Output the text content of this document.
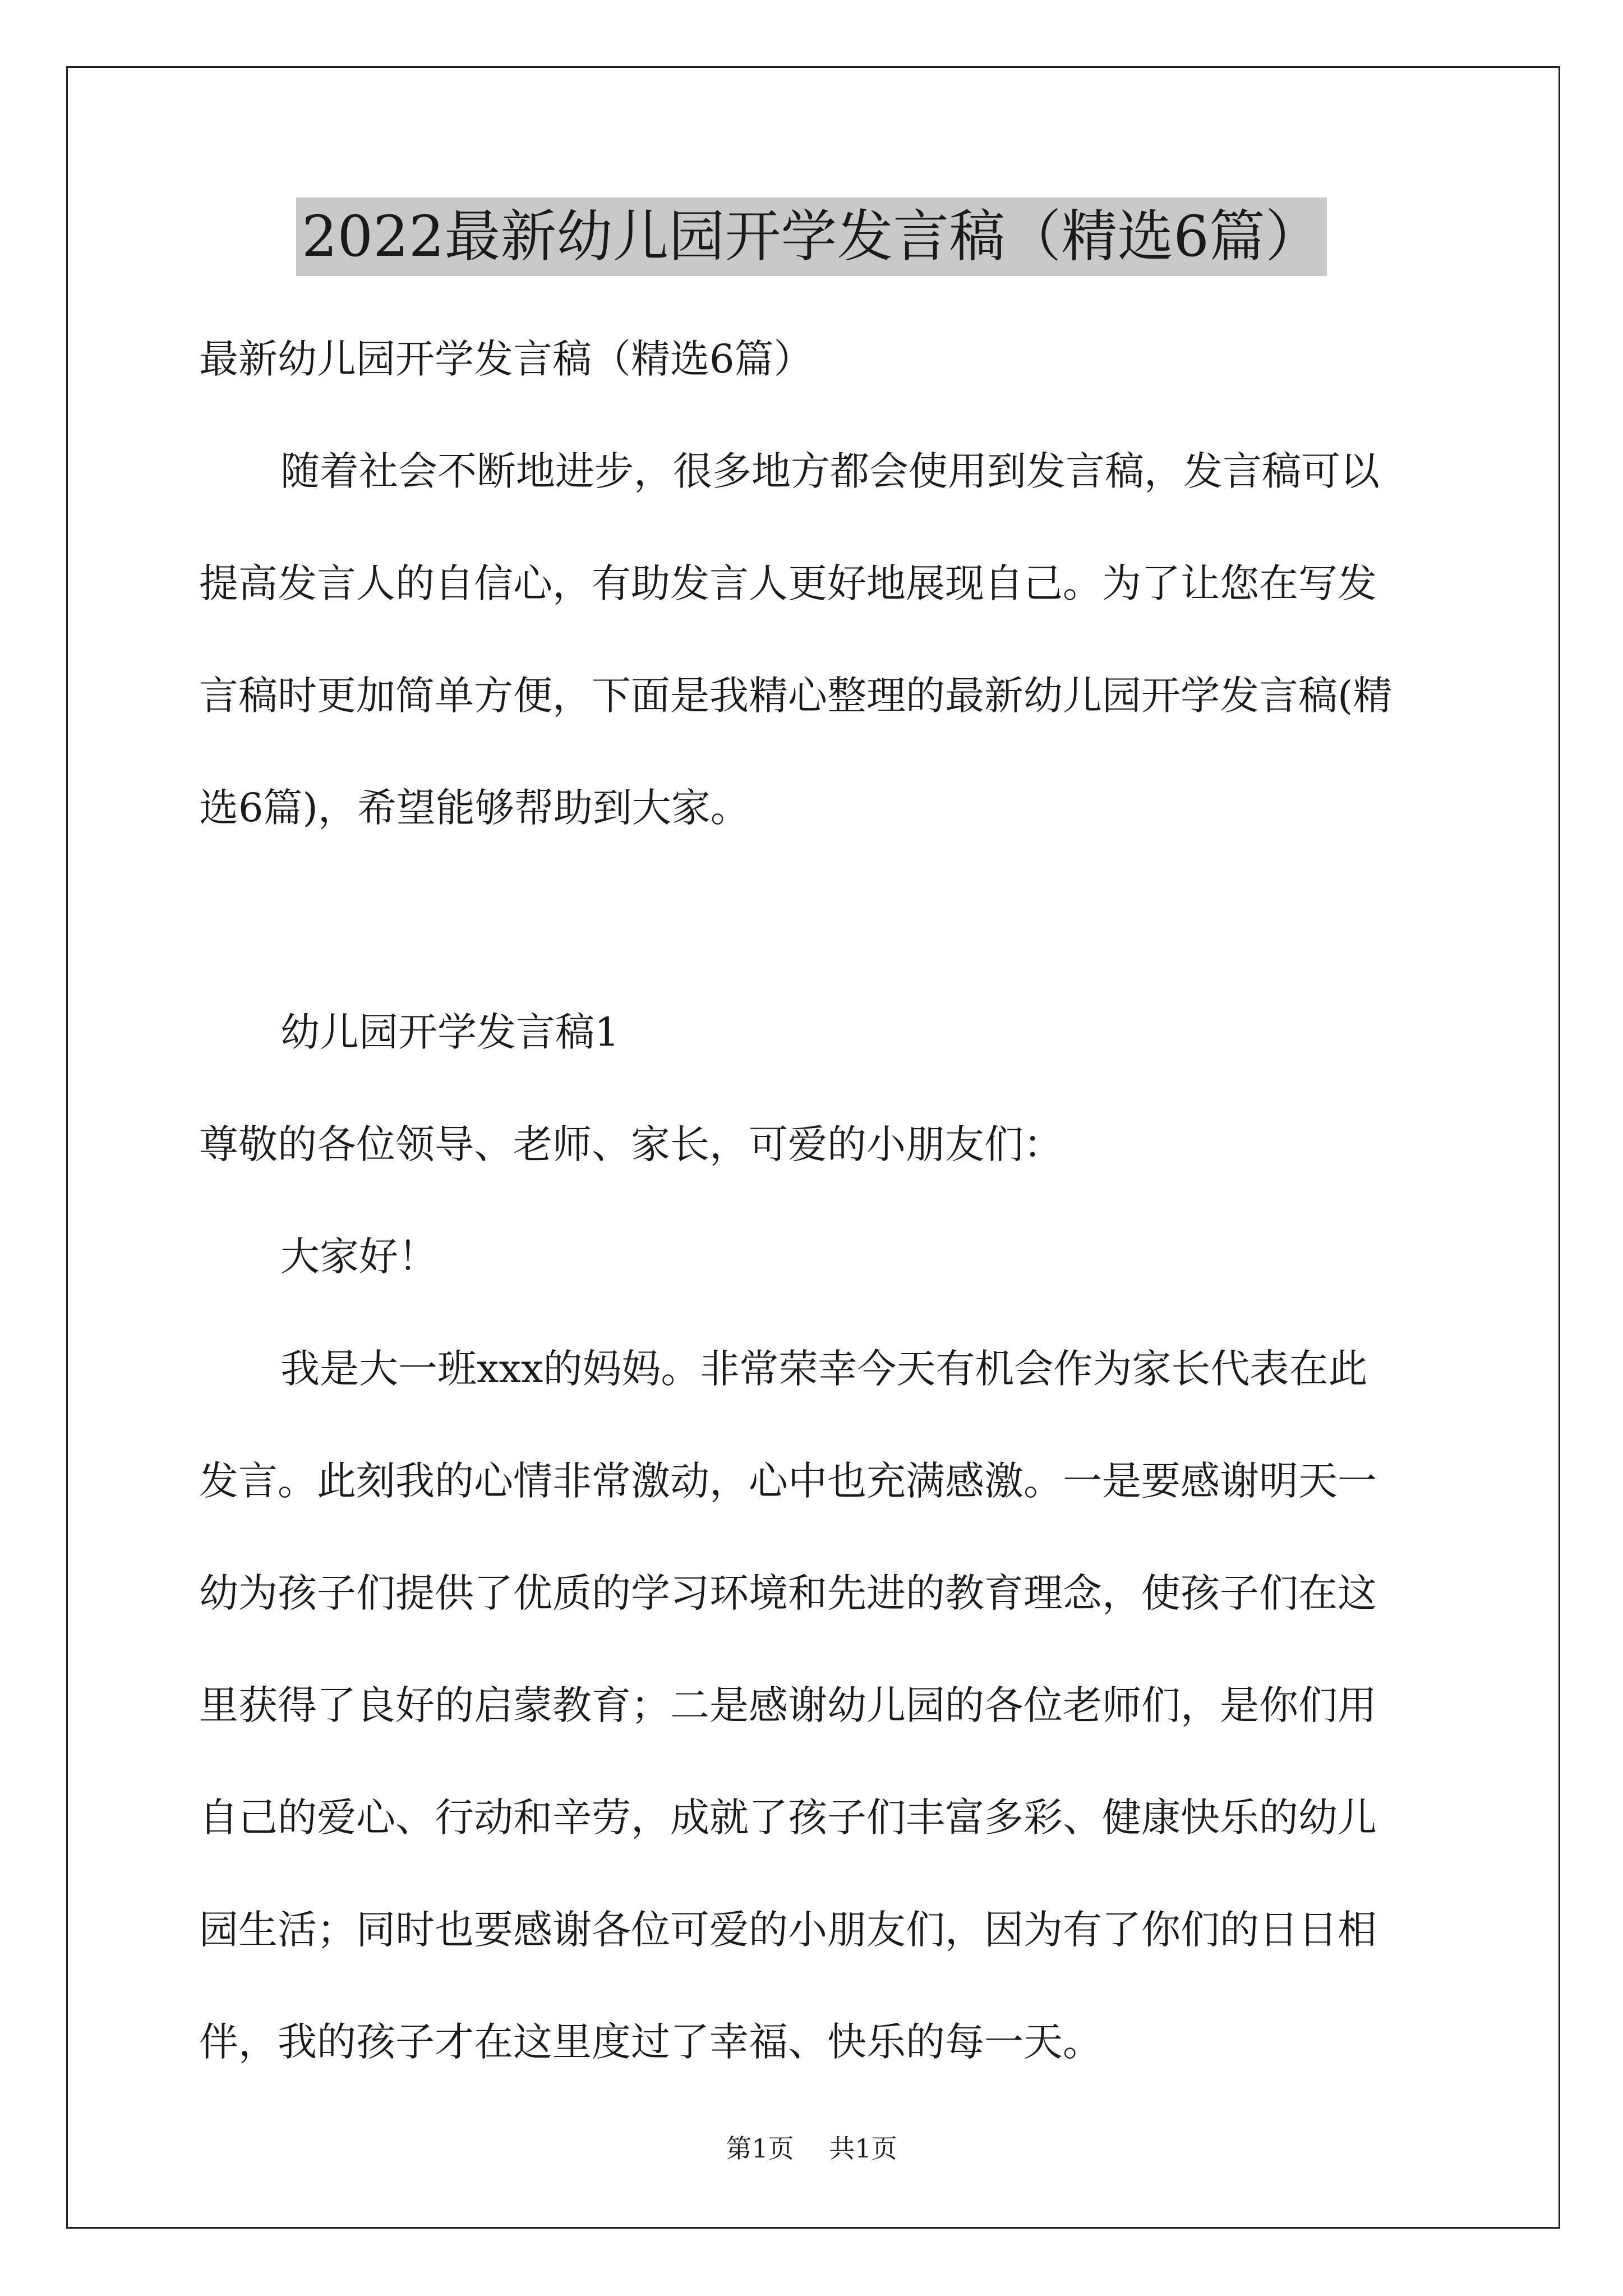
2022最新幼儿园开学发言稿（精选6篇）
最新幼儿园开学发言稿（精选6篇）
随着社会不断地进步，很多地方都会使用到发言稿，发言稿可以
提高发言人的自信心，有助发言人更好地展现自己。为了让您在写发
言稿时更加简单方便，下面是我精心整理的最新幼儿园开学发言稿(精
选6篇)，希望能够帮助到大家。
幼儿园开学发言稿1
尊敬的各位领导、老师、家长，可爱的小朋友们：
大家好！
我是大一班xxx的妈妈。非常荣幸今天有机会作为家长代表在此
发言。此刻我的心情非常激动，心中也充满感激。一是要感谢明天一
幼为孩子们提供了优质的学习环境和先进的教育理念，使孩子们在这
里获得了良好的启蒙教育；二是感谢幼儿园的各位老师们，是你们用
自己的爱心、行动和辛劳，成就了孩子们丰富多彩、健康快乐的幼儿
园生活；同时也要感谢各位可爱的小朋友们，因为有了你们的日日相
伴，我的孩子才在这里度过了幸福、快乐的每一天。
第1页 共1页
